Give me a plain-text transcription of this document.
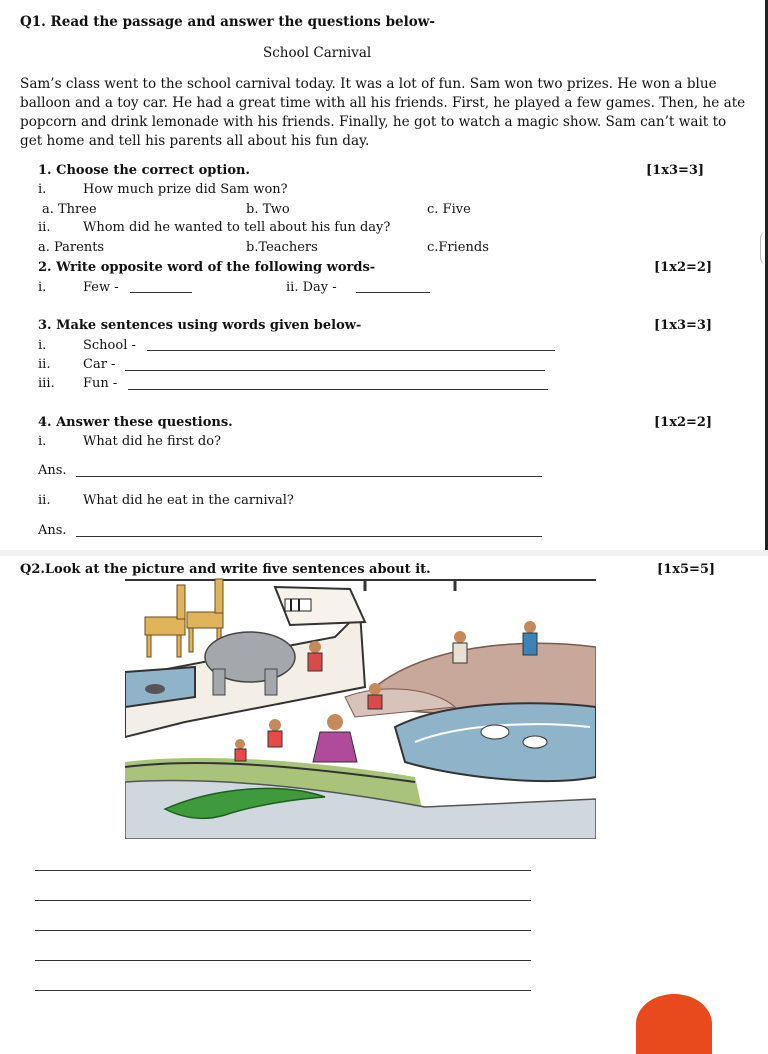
Q1. Read the passage and answer the questions below-
School Carnival
Sam’s class went to the school carnival today. It was a lot of fun. Sam won two prizes. He won a blue balloon and a toy car. He had a great time with all his friends. First, he played a few games. Then, he ate popcorn and drink lemonade with his friends. Finally, he got to watch a magic show. Sam can’t wait to get home and tell his parents all about his fun day.
1. Choose the correct option.	[1x3=3]
i.	How much prize did Sam won?
a. Three	b. Two	c. Five
ii.	Whom did he wanted to tell about his fun day?
a. Parents	b.Teachers	c.Friends
2. Write opposite word of the following words-	[1x2=2]
i.	Few -	ii. Day -
3. Make sentences using words given below-	[1x3=3]
i.	School -
ii.	Car -
iii. Fun -
4. Answer these questions.	[1x2=2]
i.	What did he first do?
Ans.
ii.	What did he eat in the carnival?
Ans.
Q2.Look at the picture and write five sentences about it.	[1x5=5]
